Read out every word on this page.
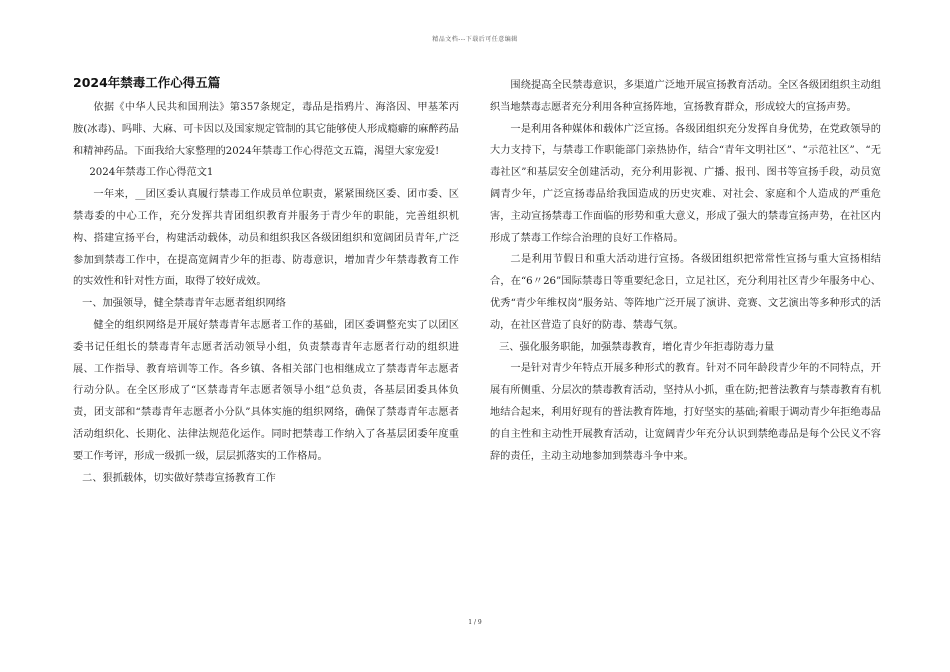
精品文档---下载后可任意编辑
2024年禁毒工作心得五篇

依据《中华人民共和国刑法》第357条规定，毒品是指鸦片、海洛因、甲基苯丙胺(冰毒)、吗啡、大麻、可卡因以及国家规定管制的其它能够使人形成瘾癖的麻醉药品和精神药品。下面我给大家整理的2024年禁毒工作心得范文五篇，渴望大家宠爱!

2024年禁毒工作心得范文1

一年来，__团区委认真履行禁毒工作成员单位职责，紧紧围绕区委、团市委、区禁毒委的中心工作，充分发挥共青团组织教育并服务于青少年的职能，完善组织机构、搭建宣扬平台，构建活动载体，动员和组织我区各级团组织和宽阔团员青年,广泛参加到禁毒工作中，在提高宽阔青少年的拒毒、防毒意识，增加青少年禁毒教育工作的实效性和针对性方面，取得了较好成效。

一、加强领导，健全禁毒青年志愿者组织网络

健全的组织网络是开展好禁毒青年志愿者工作的基础，团区委调整充实了以团区委书记任组长的禁毒青年志愿者活动领导小组，负责禁毒青年志愿者行动的组织进展、工作指导、教育培训等工作。各乡镇、各相关部门也相继成立了禁毒青年志愿者行动分队。在全区形成了“区禁毒青年志愿者领导小组”总负责，各基层团委具体负责，团支部和“禁毒青年志愿者小分队”具体实施的组织网络，确保了禁毒青年志愿者活动组织化、长期化、法律法规范化运作。同时把禁毒工作纳入了各基层团委年度重要工作考评，形成一级抓一级，层层抓落实的工作格局。

二、狠抓载体，切实做好禁毒宣扬教育工作

围绕提高全民禁毒意识，多渠道广泛地开展宣扬教育活动。全区各级团组织主动组织当地禁毒志愿者充分利用各种宣扬阵地，宣扬教育群众，形成较大的宣扬声势。

一是利用各种媒体和载体广泛宣扬。各级团组织充分发挥自身优势，在党政领导的大力支持下，与禁毒工作职能部门亲热协作，结合“青年文明社区”、“示范社区”、“无毒社区”和基层安全创建活动，充分利用影视、广播、报刊、图书等宣扬手段，动员宽阔青少年，广泛宣扬毒品给我国造成的历史灾难、对社会、家庭和个人造成的严重危害，主动宣扬禁毒工作面临的形势和重大意义，形成了强大的禁毒宣扬声势，在社区内形成了禁毒工作综合治理的良好工作格局。

二是利用节假日和重大活动进行宣扬。各级团组织把常常性宣扬与重大宣扬相结合，在“6〃26”国际禁毒日等重要纪念日，立足社区，充分利用社区青少年服务中心、优秀“青少年维权岗”服务站、等阵地广泛开展了演讲、竞赛、文艺演出等多种形式的活动，在社区营造了良好的防毒、禁毒气氛。

三、强化服务职能，加强禁毒教育，增化青少年拒毒防毒力量

一是针对青少年特点开展多种形式的教育。针对不同年龄段青少年的不同特点，开展有所侧重、分层次的禁毒教育活动，坚持从小抓，重在防;把普法教育与禁毒教育有机地结合起来，利用好现有的普法教育阵地，打好坚实的基础;着眼于调动青少年拒绝毒品的自主性和主动性开展教育活动，让宽阔青少年充分认识到禁绝毒品是每个公民义不容辞的责任，主动主动地参加到禁毒斗争中来。

1 / 9
